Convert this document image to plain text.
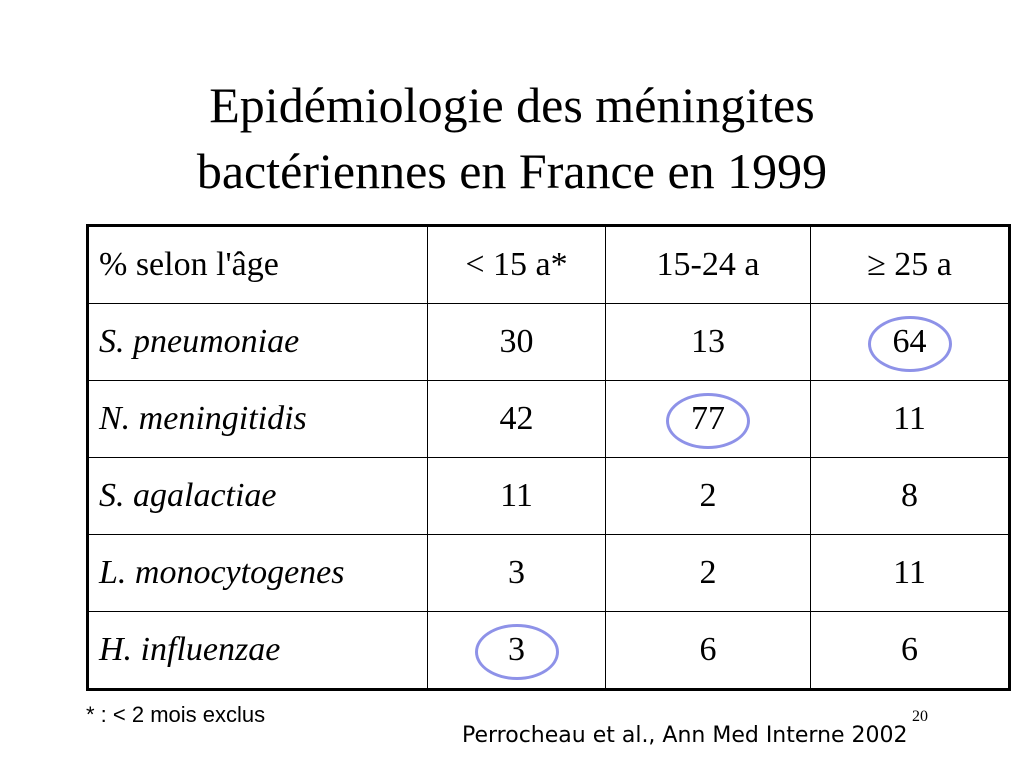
Epidémiologie des méningites
bactériennes en France en 1999
% selon l'âge	< 15 a*	15-24 a	≥ 25 a
S. pneumoniae	30	13	64
N. meningitidis	42	77	11
S. agalactiae	11	2	8
L. monocytogenes	3	2	11
H. influenzae	3	6	6
* : < 2 mois exclus	20
Perrocheau et al., Ann Med Interne 2002
